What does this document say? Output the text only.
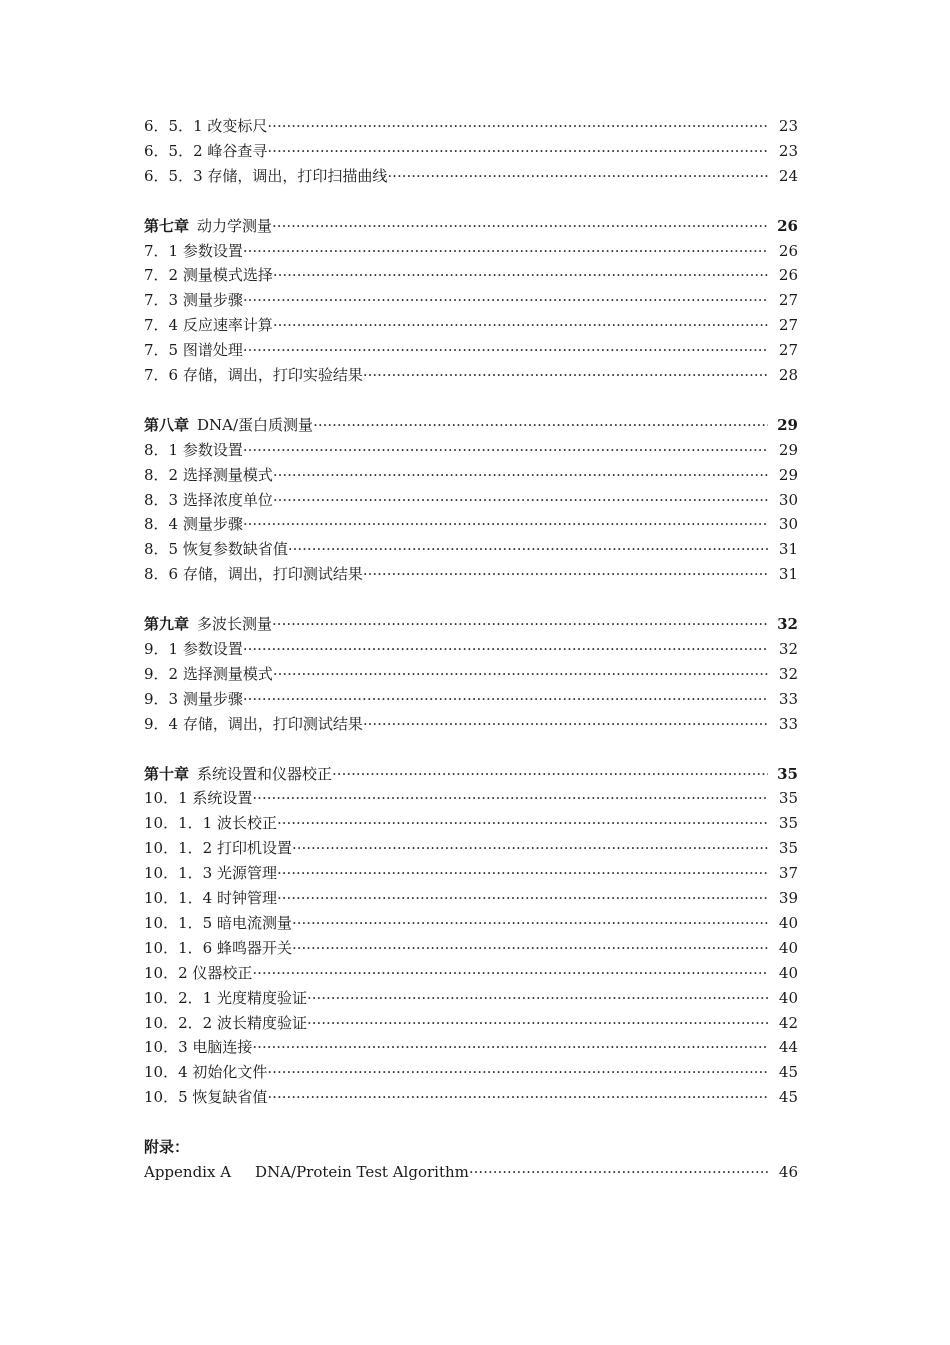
6．5．1 改变标尺 ·····	23
6．5．2 峰谷查寻 ·····	23
6．5．3 存储，调出，打印扫描曲线 ·····	24
第七章 动力学测量 ·····	26
7．1 参数设置 ·····	26
7．2 测量模式选择 ·····	26
7．3 测量步骤 ·····	27
7．4 反应速率计算 ·····	27
7．5 图谱处理 ·····	27
7．6 存储，调出，打印实验结果 ·····	28
第八章 DNA/蛋白质测量 ·····	29
8．1 参数设置 ·····	29
8．2 选择测量模式 ·····	29
8．3 选择浓度单位 ·····	30
8．4 测量步骤 ·····	30
8．5 恢复参数缺省值 ·····	31
8．6 存储，调出，打印测试结果 ·····	31
第九章 多波长测量 ·····	32
9．1 参数设置 ·····	32
9．2 选择测量模式 ·····	32
9．3 测量步骤 ·····	33
9．4 存储，调出，打印测试结果 ·····	33
第十章 系统设置和仪器校正 ·····	35
10．1 系统设置 ·····	35
10．1．1 波长校正 ·····	35
10．1．2 打印机设置 ·····	35
10．1．3 光源管理 ·····	37
10．1．4 时钟管理 ·····	39
10．1．5 暗电流测量 ·····	40
10．1．6 蜂鸣器开关 ·····	40
10．2 仪器校正 ·····	40
10．2．1 光度精度验证 ·····	40
10．2．2 波长精度验证 ·····	42
10．3 电脑连接 ·····	44
10．4 初始化文件 ·····	45
10．5 恢复缺省值 ·····	45
附录：
Appendix A DNA/Protein Test Algorithm ·····	46
